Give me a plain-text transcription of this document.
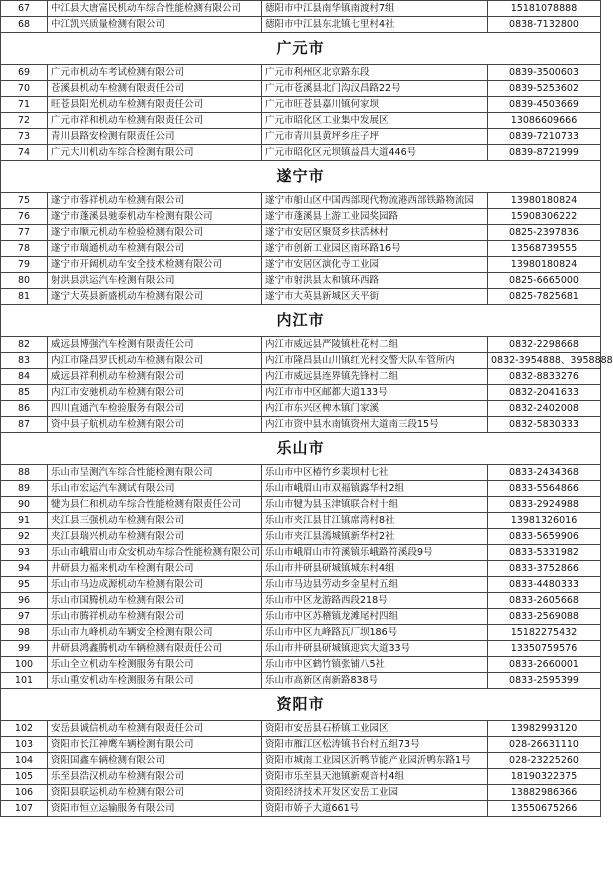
67	中江县大唐富民机动车综合性能检测有限公司	德阳市中江县南华镇南渡村7组	15181078888
68	中江凯兴质量检测有限公司	德阳市中江县东北镇七里村4社	0838-7132800
广元市			
69	广元市机动车考试检测有限公司	广元市利州区北京路东段	0839-3500603
70	苍溪县机动车检测有限责任公司	广元市苍溪县北门沟汉昌路22号	0839-5253602
71	旺苍县阳光机动车检测有限责任公司	广元市旺苍县嘉川镇何家坝	0839-4503669
72	广元市祥和机动车检测有限责任公司	广元市昭化区工业集中发展区	13086609666
73	青川县路安检测有限责任公司	广元市青川县黄坪乡庄子坪	0839-7210733
74	广元大川机动车综合检测有限公司	广元市昭化区元坝镇益昌大道446号	0839-8721999
遂宁市			
75	遂宁市蓉祥机动车检测有限公司	遂宁市船山区中国西部现代物流港西部铁路物流园	13980180824
76	遂宁市蓬溪县驰泰机动车检测有限公司	遂宁市蓬溪县上游工业园奖园路	15908306222
77	遂宁市顺元机动车检验检测有限公司	遂宁市安居区聚贤乡扶活林村	0825-2397836
78	遂宁市瑞通机动车检测有限公司	遂宁市创新工业园区南环路16号	13568739555
79	遂宁市开阔机动车安全技术检测有限公司	遂宁市安居区演化寺工业园	13980180824
80	射洪县洪运汽车检测有限公司	遂宁市射洪县太和镇环西路	0825-6665000
81	遂宁大英县新盛机动车检测有限公司	遂宁市大英县新城区天平街	0825-7825681
内江市			
82	威远县博强汽车检测有限责任公司	内江市威远县严陵镇杜花村二组	0832-2298668
83	内江市隆昌罗氏机动车检测有限公司	内江市隆昌县山川镇红光村交警大队车管所内	0832-3954888、3958888
84	威远县祥利机动车检测有限公司	内江市威远县连界镇先锋村二组	0832-8833276
85	内江市安驰机动车检测有限公司	内江市市中区邮都大道133号	0832-2041633
86	四川直通汽车检验服务有限公司	内江市东兴区椑木镇门家溪	0832-2402008
87	资中县子航机动车检测有限公司	内江市资中县水南镇资州大道南三段15号	0832-5830333
乐山市			
88	乐山市呈测汽车综合性能检测有限公司	乐山市中区椿竹乡裴坝村七社	0833-2434368
89	乐山市宏运汽车测试有限公司	乐山市峨眉山市双福镇露华村2组	0833-5564866
90	犍为县仁和机动车综合性能检测有限责任公司	乐山市犍为县玉津镇联合村十组	0833-2924988
91	夹江县三强机动车检测有限公司	乐山市夹江县甘江镇席湾村8社	13981326016
92	夹江县瑞兴机动车检测有限公司	乐山市夹江县漹城镇新华村2社	0833-5659906
93	乐山市峨眉山市众安机动车综合性能检测有限公司	乐山市峨眉山市符溪镇乐峨路符溪段9号	0833-5331982
94	井研县力福来机动车检测有限公司	乐山市井研县研城镇城东村4组	0833-3752866
95	乐山市马边成源机动车检测有限公司	乐山市马边县劳动乡金星村五组	0833-4480333
96	乐山市国腾机动车检测有限公司	乐山市中区龙游路西段218号	0833-2605668
97	乐山市腾祥机动车检测有限公司	乐山市中区苏稽镇龙滩尾村四组	0833-2569088
98	乐山市九峰机动车辆安全检测有限公司	乐山市中区九峰路瓦厂坝186号	15182275432
99	井研县鸿鑫腾机动车辆检测有限责任公司	乐山市井研县研城镇迎宾大道33号	13350759576
100	乐山全立机动车检测服务有限公司	乐山市中区鹤竹镇张铺八5社	0833-2660001
101	乐山重安机动车检测服务有限公司	乐山市高新区南新路838号	0833-2595399
资阳市			
102	安岳县诚信机动车检测有限责任公司	资阳市安岳县石桥镇工业园区	13982993120
103	资阳市长江神鹰车辆检测有限公司	资阳市雁江区松涛镇书台村五组73号	028-26631110
104	资阳国鑫车辆检测有限公司	资阳市城南工业园区沂鸭节能产业园沂鸭东路1号	028-23225260
105	乐至县浩汉机动车检测有限公司	资阳市乐至县天池镇新观音村4组	18190322375
106	资阳县联运机动车检测有限公司	资阳经济技术开发区安岳工业园	13882986366
107	资阳市恒立运输服务有限公司	资阳市娇子大道661号	13550675266
